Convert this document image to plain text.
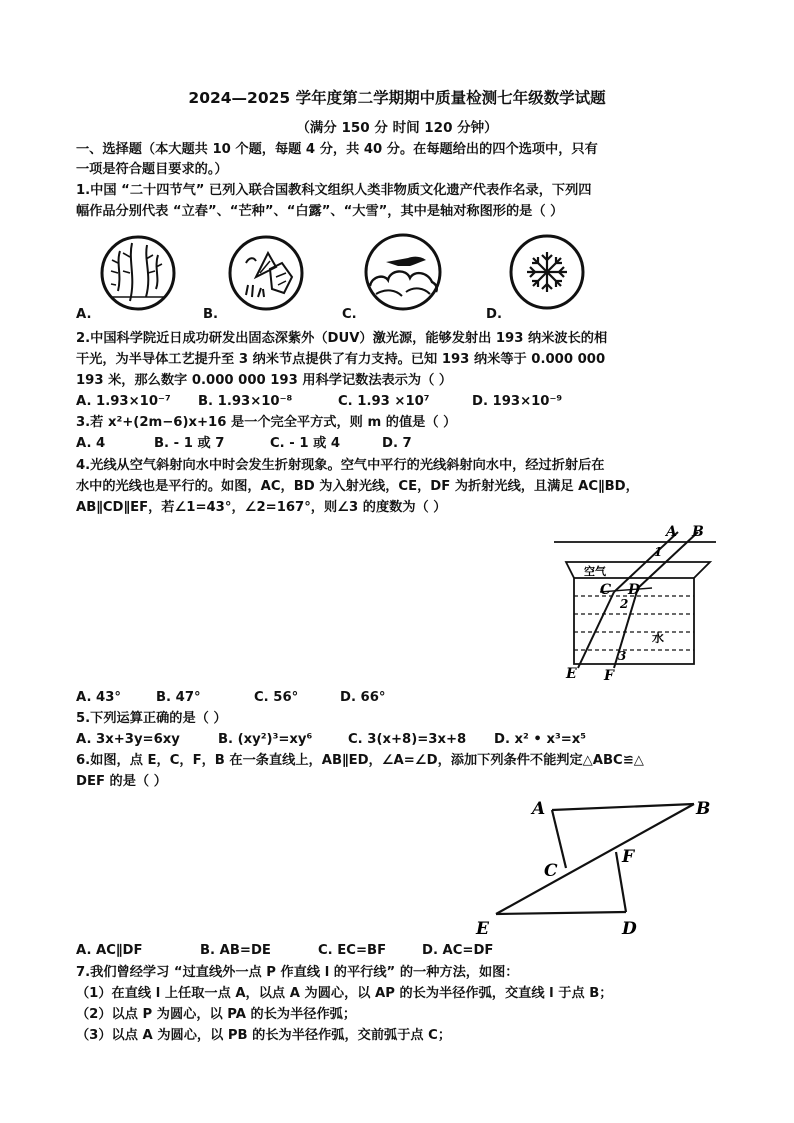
2024—2025 学年度第二学期期中质量检测七年级数学试题
（满分 150 分 时间 120 分钟）
一、选择题（本大题共 10 个题，每题 4 分，共 40 分。在每题给出的四个选项中，只有
一项是符合题目要求的。）
1.中国 “二十四节气” 已列入联合国教科文组织人类非物质文化遗产代表作名录，下列四
幅作品分别代表 “立春”、“芒种”、“白露”、“大雪”，其中是轴对称图形的是（ ）
A.	B.	C.	D.
2.中国科学院近日成功研发出固态深紫外（DUV）激光源，能够发射出 193 纳米波长的相
干光，为半导体工艺提升至 3 纳米节点提供了有力支持。已知 193 纳米等于 0.000 000
193 米，那么数字 0.000 000 193 用科学记数法表示为（ ）
A. 1.93×10⁻⁷ B. 1.93×10⁻⁸	C. 1.93 ×10⁷	D. 193×10⁻⁹
3.若 x²+(2m−6)x+16 是一个完全平方式，则 m 的值是（ ）
A. 4	B. - 1 或 7	C. - 1 或 4	D. 7
4.光线从空气斜射向水中时会发生折射现象。空气中平行的光线斜射向水中，经过折射后在
水中的光线也是平行的。如图，AC，BD 为入射光线，CE，DF 为折射光线，且满足 AC∥BD，
AB∥CD∥EF，若∠1=43°，∠2=167°，则∠3 的度数为（ ）
A B
C D
E F
1
2
3
空气
水
A. 43°	B. 47°	C. 56°	D. 66°
5.下列运算正确的是（ ）
A. 3x+3y=6xy	B. (xy²)³=xy⁶	C. 3(x+8)=3x+8 D. x² • x³=x⁵
6.如图，点 E，C，F，B 在一条直线上，AB∥ED，∠A=∠D，添加下列条件不能判定△ABC≌△
DEF 的是（ ）
A	B
C
F
E	D
A. AC∥DF	B. AB=DE	C. EC=BF	D. AC=DF
7.我们曾经学习 “过直线外一点 P 作直线 l 的平行线” 的一种方法，如图：
（1）在直线 l 上任取一点 A，以点 A 为圆心，以 AP 的长为半径作弧，交直线 l 于点 B；
（2）以点 P 为圆心，以 PA 的长为半径作弧；
（3）以点 A 为圆心，以 PB 的长为半径作弧，交前弧于点 C；
